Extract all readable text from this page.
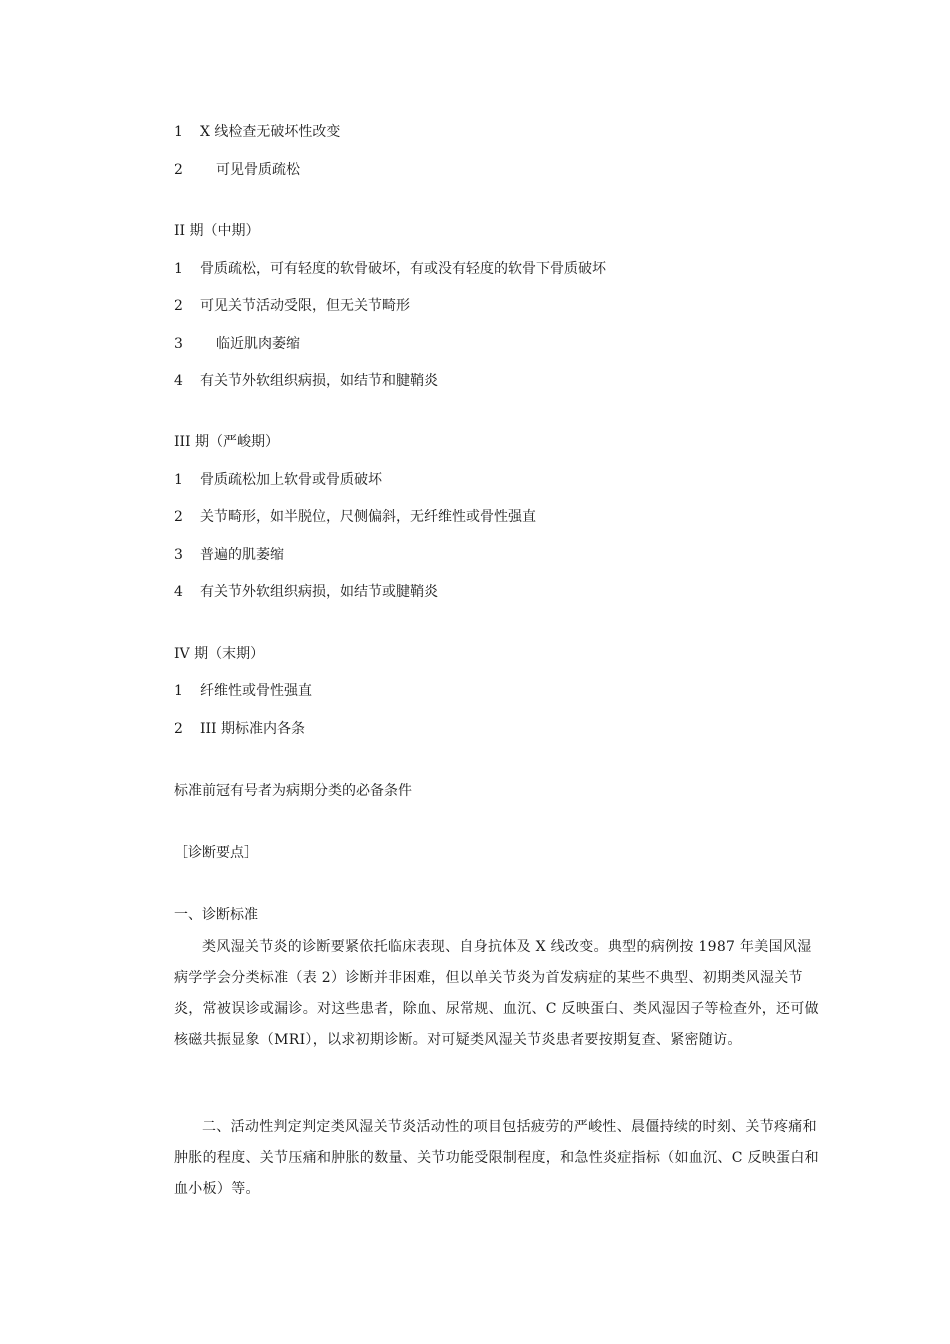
1 X 线检查无破坏性改变
2 可见骨质疏松
II 期（中期）
1 骨质疏松，可有轻度的软骨破坏，有或没有轻度的软骨下骨质破坏
2 可见关节活动受限，但无关节畸形
3 临近肌肉萎缩
4 有关节外软组织病损，如结节和腱鞘炎
III 期（严峻期）
1 骨质疏松加上软骨或骨质破坏
2 关节畸形，如半脱位，尺侧偏斜，无纤维性或骨性强直
3 普遍的肌萎缩
4 有关节外软组织病损，如结节或腱鞘炎
IV 期（末期）
1 纤维性或骨性强直
2 III 期标准内各条
标准前冠有号者为病期分类的必备条件
［诊断要点］
一、诊断标准
类风湿关节炎的诊断要紧依托临床表现、自身抗体及 X 线改变。典型的病例按 1987 年美国风湿病学学会分类标准（表 2）诊断并非困难，但以单关节炎为首发病症的某些不典型、初期类风湿关节炎，常被误诊或漏诊。对这些患者，除血、尿常规、血沉、C 反映蛋白、类风湿因子等检查外，还可做核磁共振显象（MRI），以求初期诊断。对可疑类风湿关节炎患者要按期复查、紧密随访。
二、活动性判定判定类风湿关节炎活动性的项目包括疲劳的严峻性、晨僵持续的时刻、关节疼痛和肿胀的程度、关节压痛和肿胀的数量、关节功能受限制程度，和急性炎症指标（如血沉、C 反映蛋白和血小板）等。
